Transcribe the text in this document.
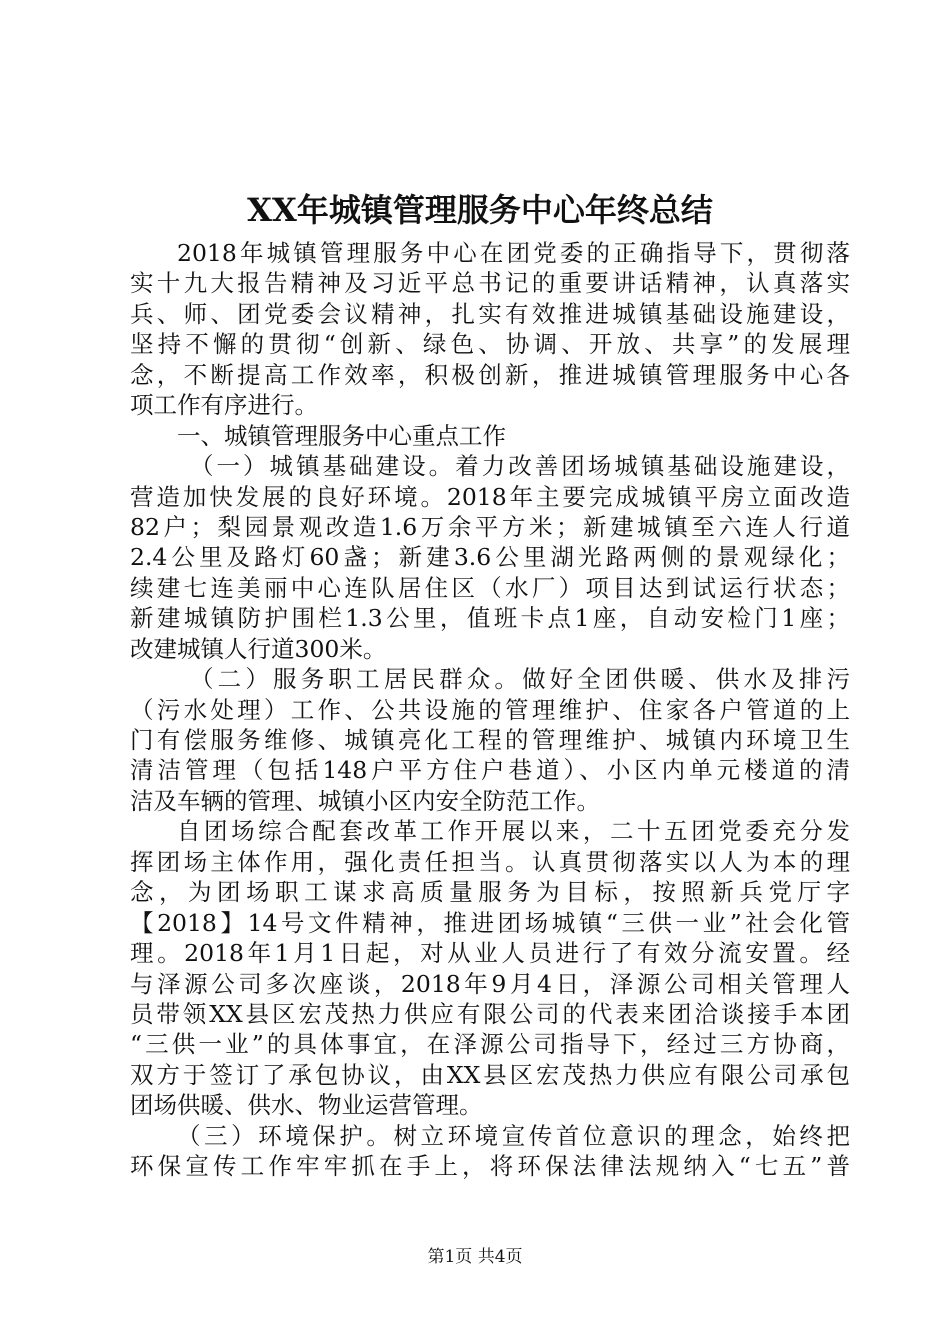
XX年城镇管理服务中心年终总结
2018年城镇管理服务中心在团党委的正确指导下，贯彻落
实十九大报告精神及习近平总书记的重要讲话精神，认真落实
兵、师、团党委会议精神，扎实有效推进城镇基础设施建设，
坚持不懈的贯彻“创新、绿色、协调、开放、共享”的发展理
念，不断提高工作效率，积极创新，推进城镇管理服务中心各
项工作有序进行。
一、城镇管理服务中心重点工作
（一）城镇基础建设。着力改善团场城镇基础设施建设，
营造加快发展的良好环境。2018年主要完成城镇平房立面改造
82户；梨园景观改造1.6万余平方米；新建城镇至六连人行道
2.4公里及路灯60盏；新建3.6公里湖光路两侧的景观绿化；
续建七连美丽中心连队居住区（水厂）项目达到试运行状态；
新建城镇防护围栏1.3公里，值班卡点1座，自动安检门1座；
改建城镇人行道300米。
（二）服务职工居民群众。做好全团供暖、供水及排污
（污水处理）工作、公共设施的管理维护、住家各户管道的上
门有偿服务维修、城镇亮化工程的管理维护、城镇内环境卫生
清洁管理（包括148户平方住户巷道）、小区内单元楼道的清
洁及车辆的管理、城镇小区内安全防范工作。
自团场综合配套改革工作开展以来，二十五团党委充分发
挥团场主体作用，强化责任担当。认真贯彻落实以人为本的理
念，为团场职工谋求高质量服务为目标，按照新兵党厅字
【2018】14号文件精神，推进团场城镇“三供一业”社会化管
理。2018年1月1日起，对从业人员进行了有效分流安置。经
与泽源公司多次座谈，2018年9月4日，泽源公司相关管理人
员带领XX县区宏茂热力供应有限公司的代表来团洽谈接手本团
“三供一业”的具体事宜，在泽源公司指导下，经过三方协商，
双方于签订了承包协议，由XX县区宏茂热力供应有限公司承包
团场供暖、供水、物业运营管理。
（三）环境保护。树立环境宣传首位意识的理念，始终把
环保宣传工作牢牢抓在手上，将环保法律法规纳入“七五”普
第1页 共4页
